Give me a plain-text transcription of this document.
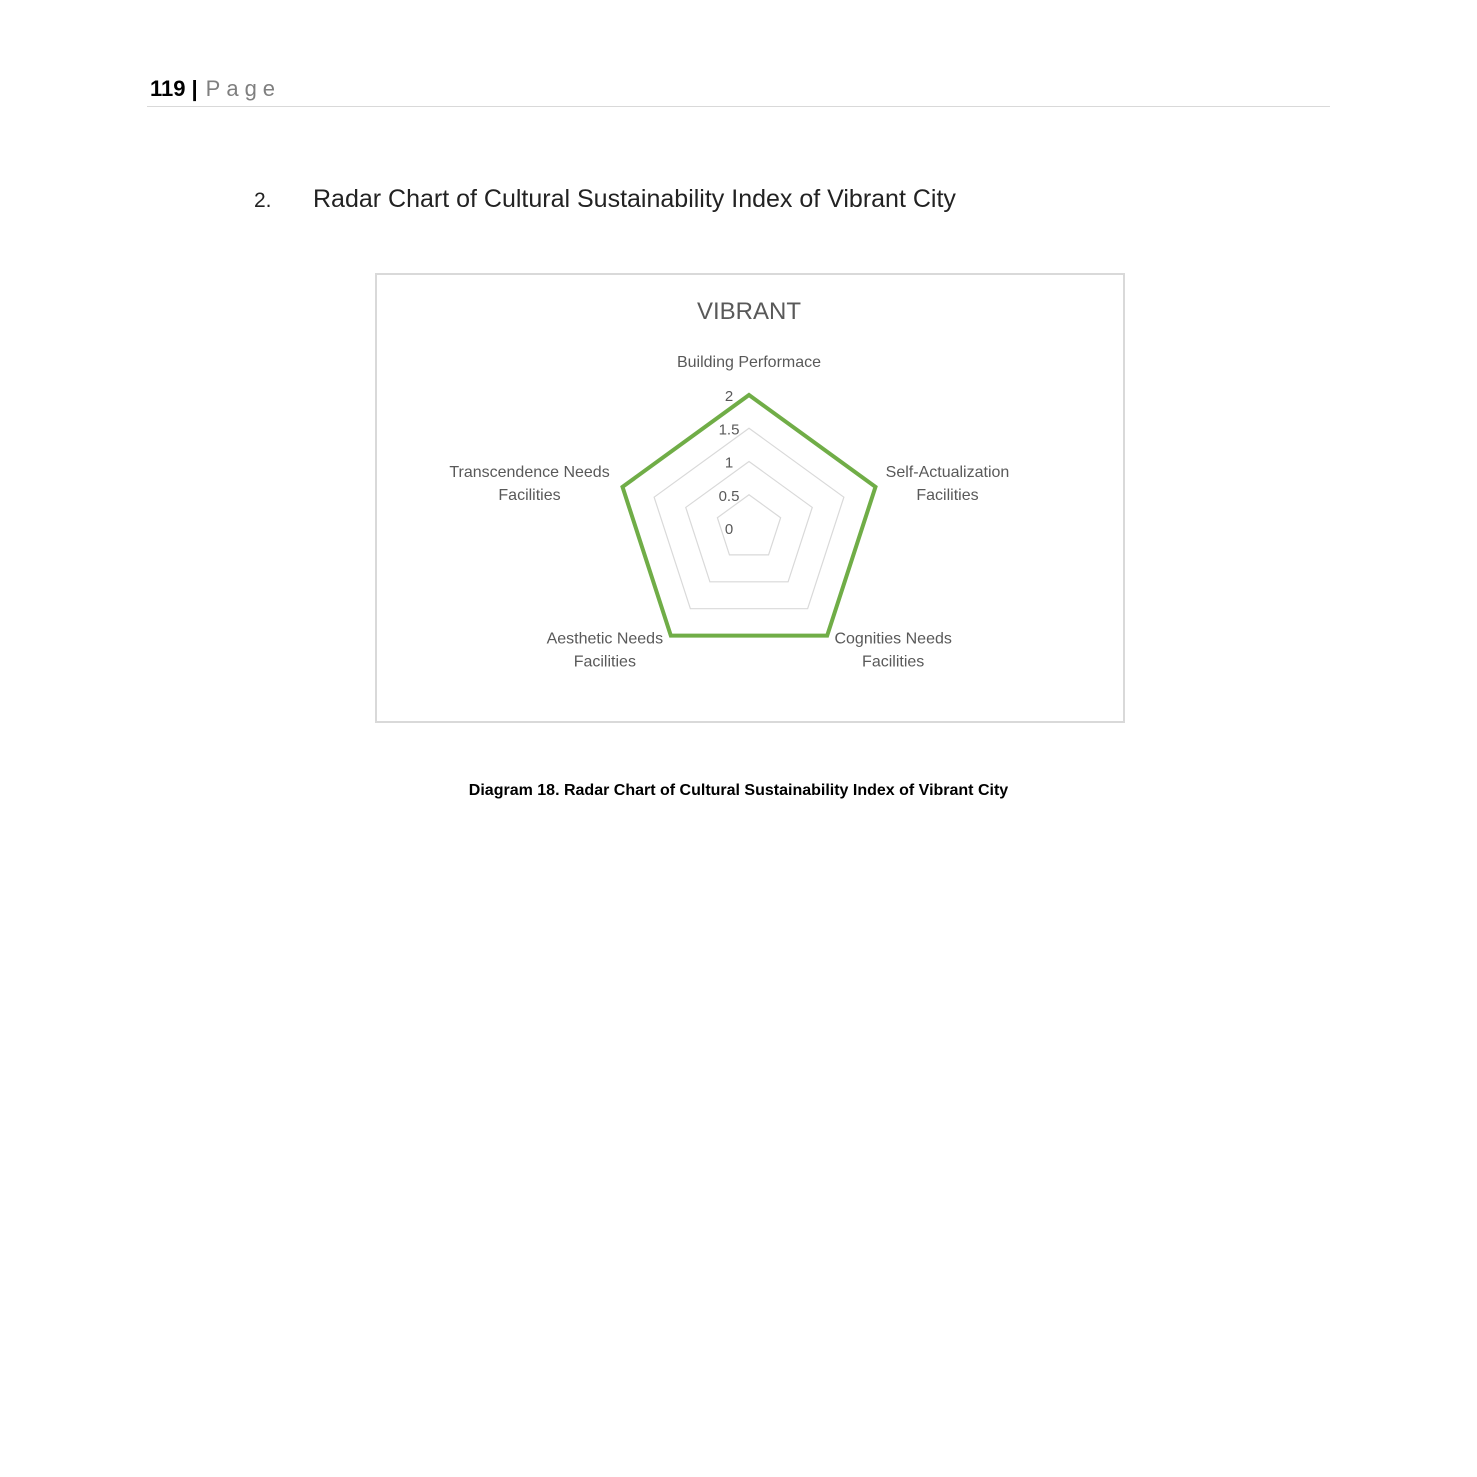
119 | Page
2. Radar Chart of Cultural Sustainability Index of Vibrant City
VIBRANT
0
0.5
1
1.5
2
Building Performace
Self-Actualization Facilities
Cognities Needs Facilities
Aesthetic Needs Facilities
Transcendence Needs Facilities
Diagram 18. Radar Chart of Cultural Sustainability Index of Vibrant City
